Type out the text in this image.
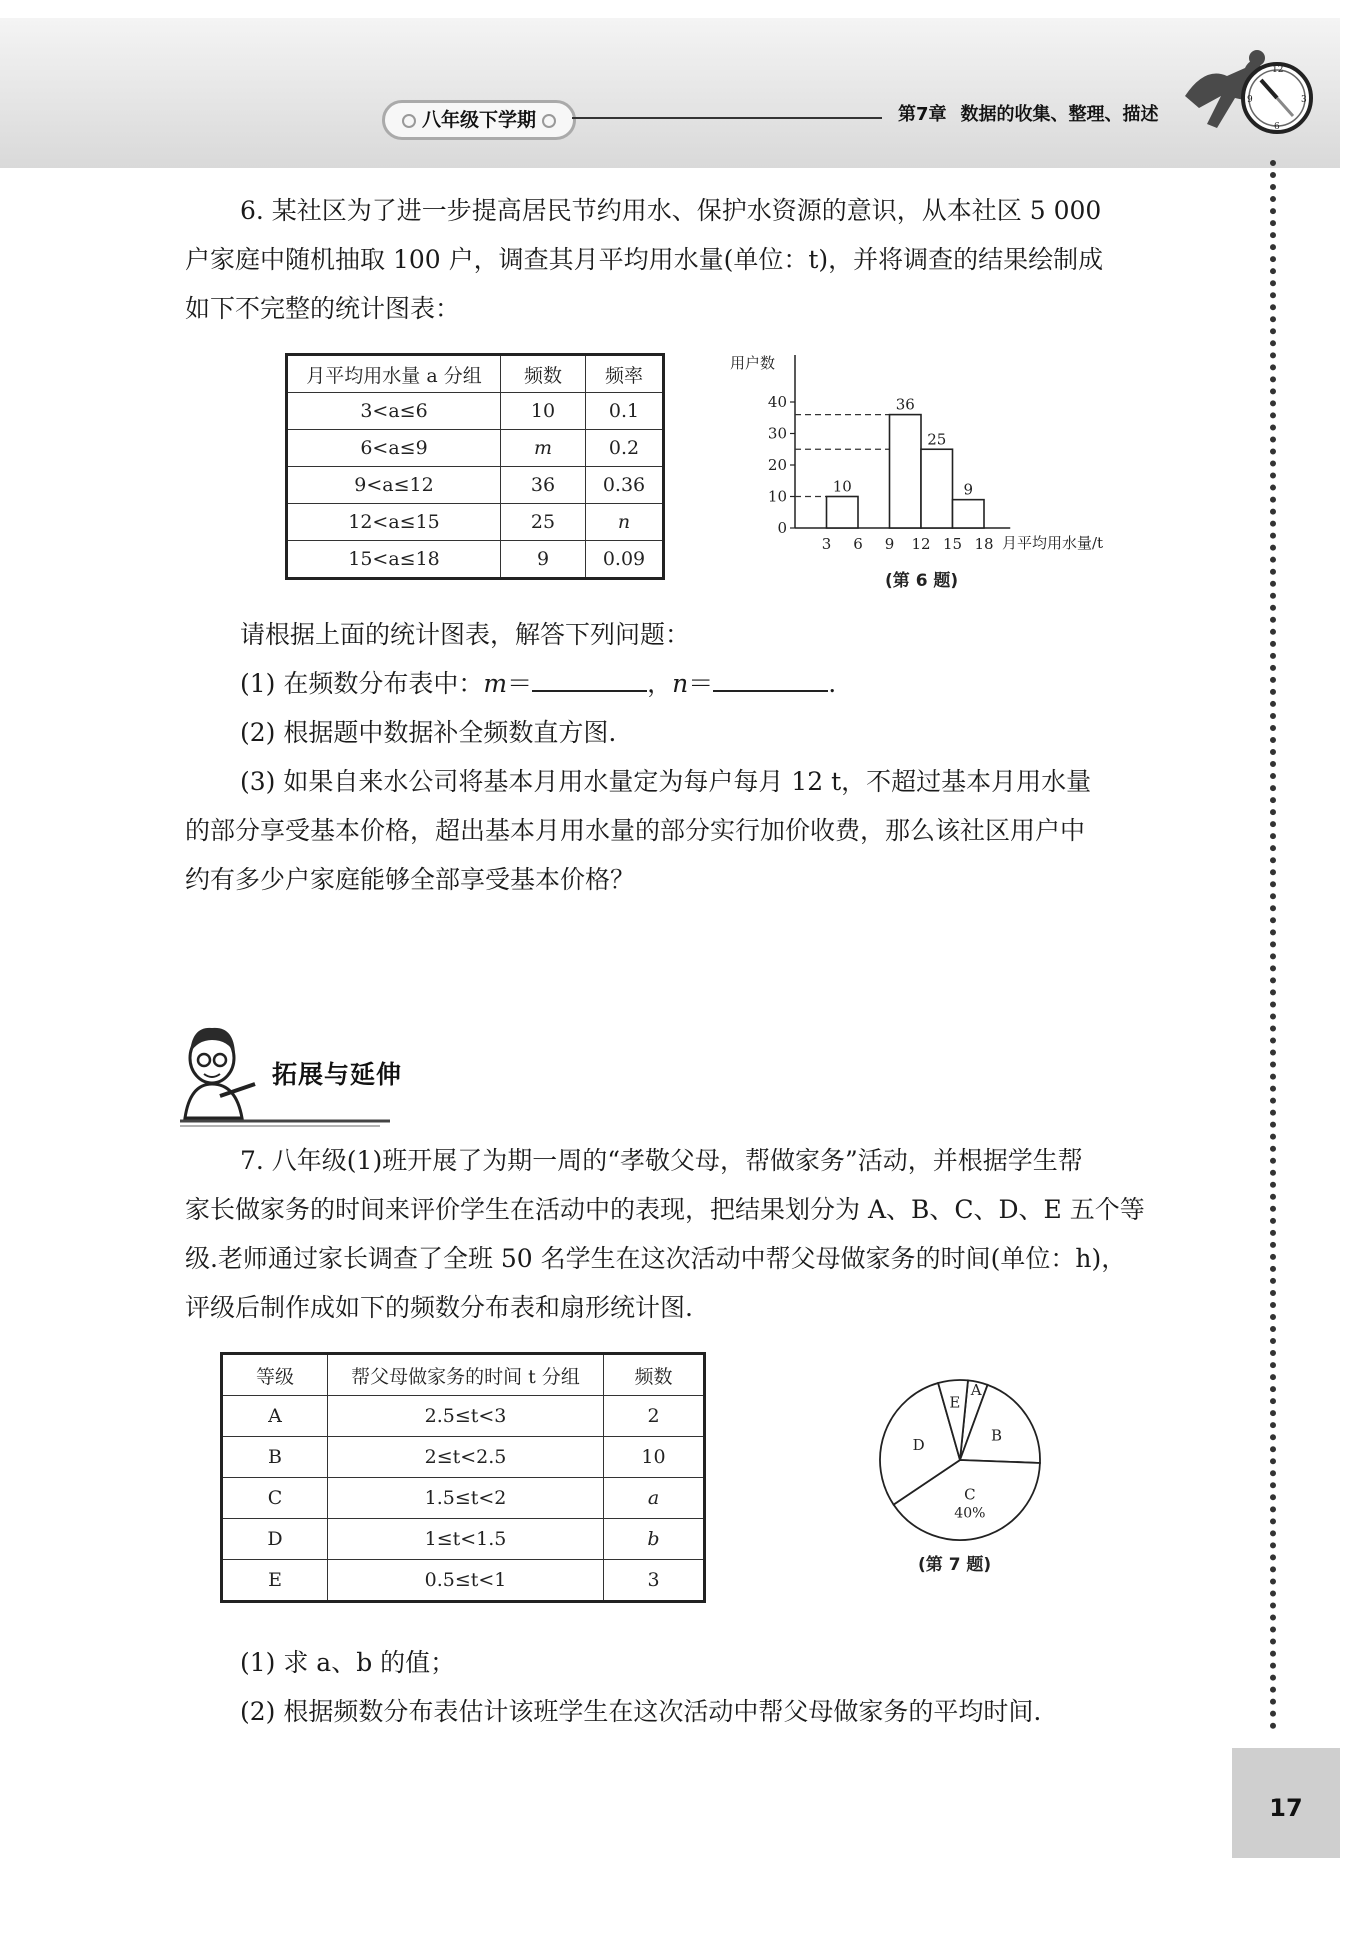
八年级下学期	第7章 数据的收集、整理、描述
12
3
6
9
17
6. 某社区为了进一步提高居民节约用水、保护水资源的意识，从本社区 5 000
户家庭中随机抽取 100 户，调查其月平均用水量(单位：t)，并将调查的结果绘制成
如下不完整的统计图表：
月平均用水量 a 分组	频数	频率
3<a≤6	10	0.1
6<a≤9	m	0.2
9<a≤12	36	0.36
12<a≤15	25	n
15<a≤18	9	0.09
用户数
0
10
20
30
40
3 6 9 12 15 18 月平均用水量/t
10
36
25
9
(第 6 题)
请根据上面的统计图表，解答下列问题：
(1) 在频数分布表中：m＝	，n＝	.
(2) 根据题中数据补全频数直方图.
(3) 如果自来水公司将基本月用水量定为每户每月 12 t，不超过基本月用水量
的部分享受基本价格，超出基本月用水量的部分实行加价收费，那么该社区用户中
约有多少户家庭能够全部享受基本价格？
拓展与延伸
7. 八年级(1)班开展了为期一周的“孝敬父母，帮做家务”活动，并根据学生帮
家长做家务的时间来评价学生在活动中的表现，把结果划分为 A、B、C、D、E 五个等
级.老师通过家长调查了全班 50 名学生在这次活动中帮父母做家务的时间(单位：h)，
评级后制作成如下的频数分布表和扇形统计图.
等级	帮父母做家务的时间 t 分组	频数
A	2.5≤t<3	2
B	2≤t<2.5	10
C	1.5≤t<2	a
D	1≤t<1.5	b
E	0.5≤t<1	3
A
B
C
40%
D
E
(第 7 题)
(1) 求 a、b 的值；
(2) 根据频数分布表估计该班学生在这次活动中帮父母做家务的平均时间.
